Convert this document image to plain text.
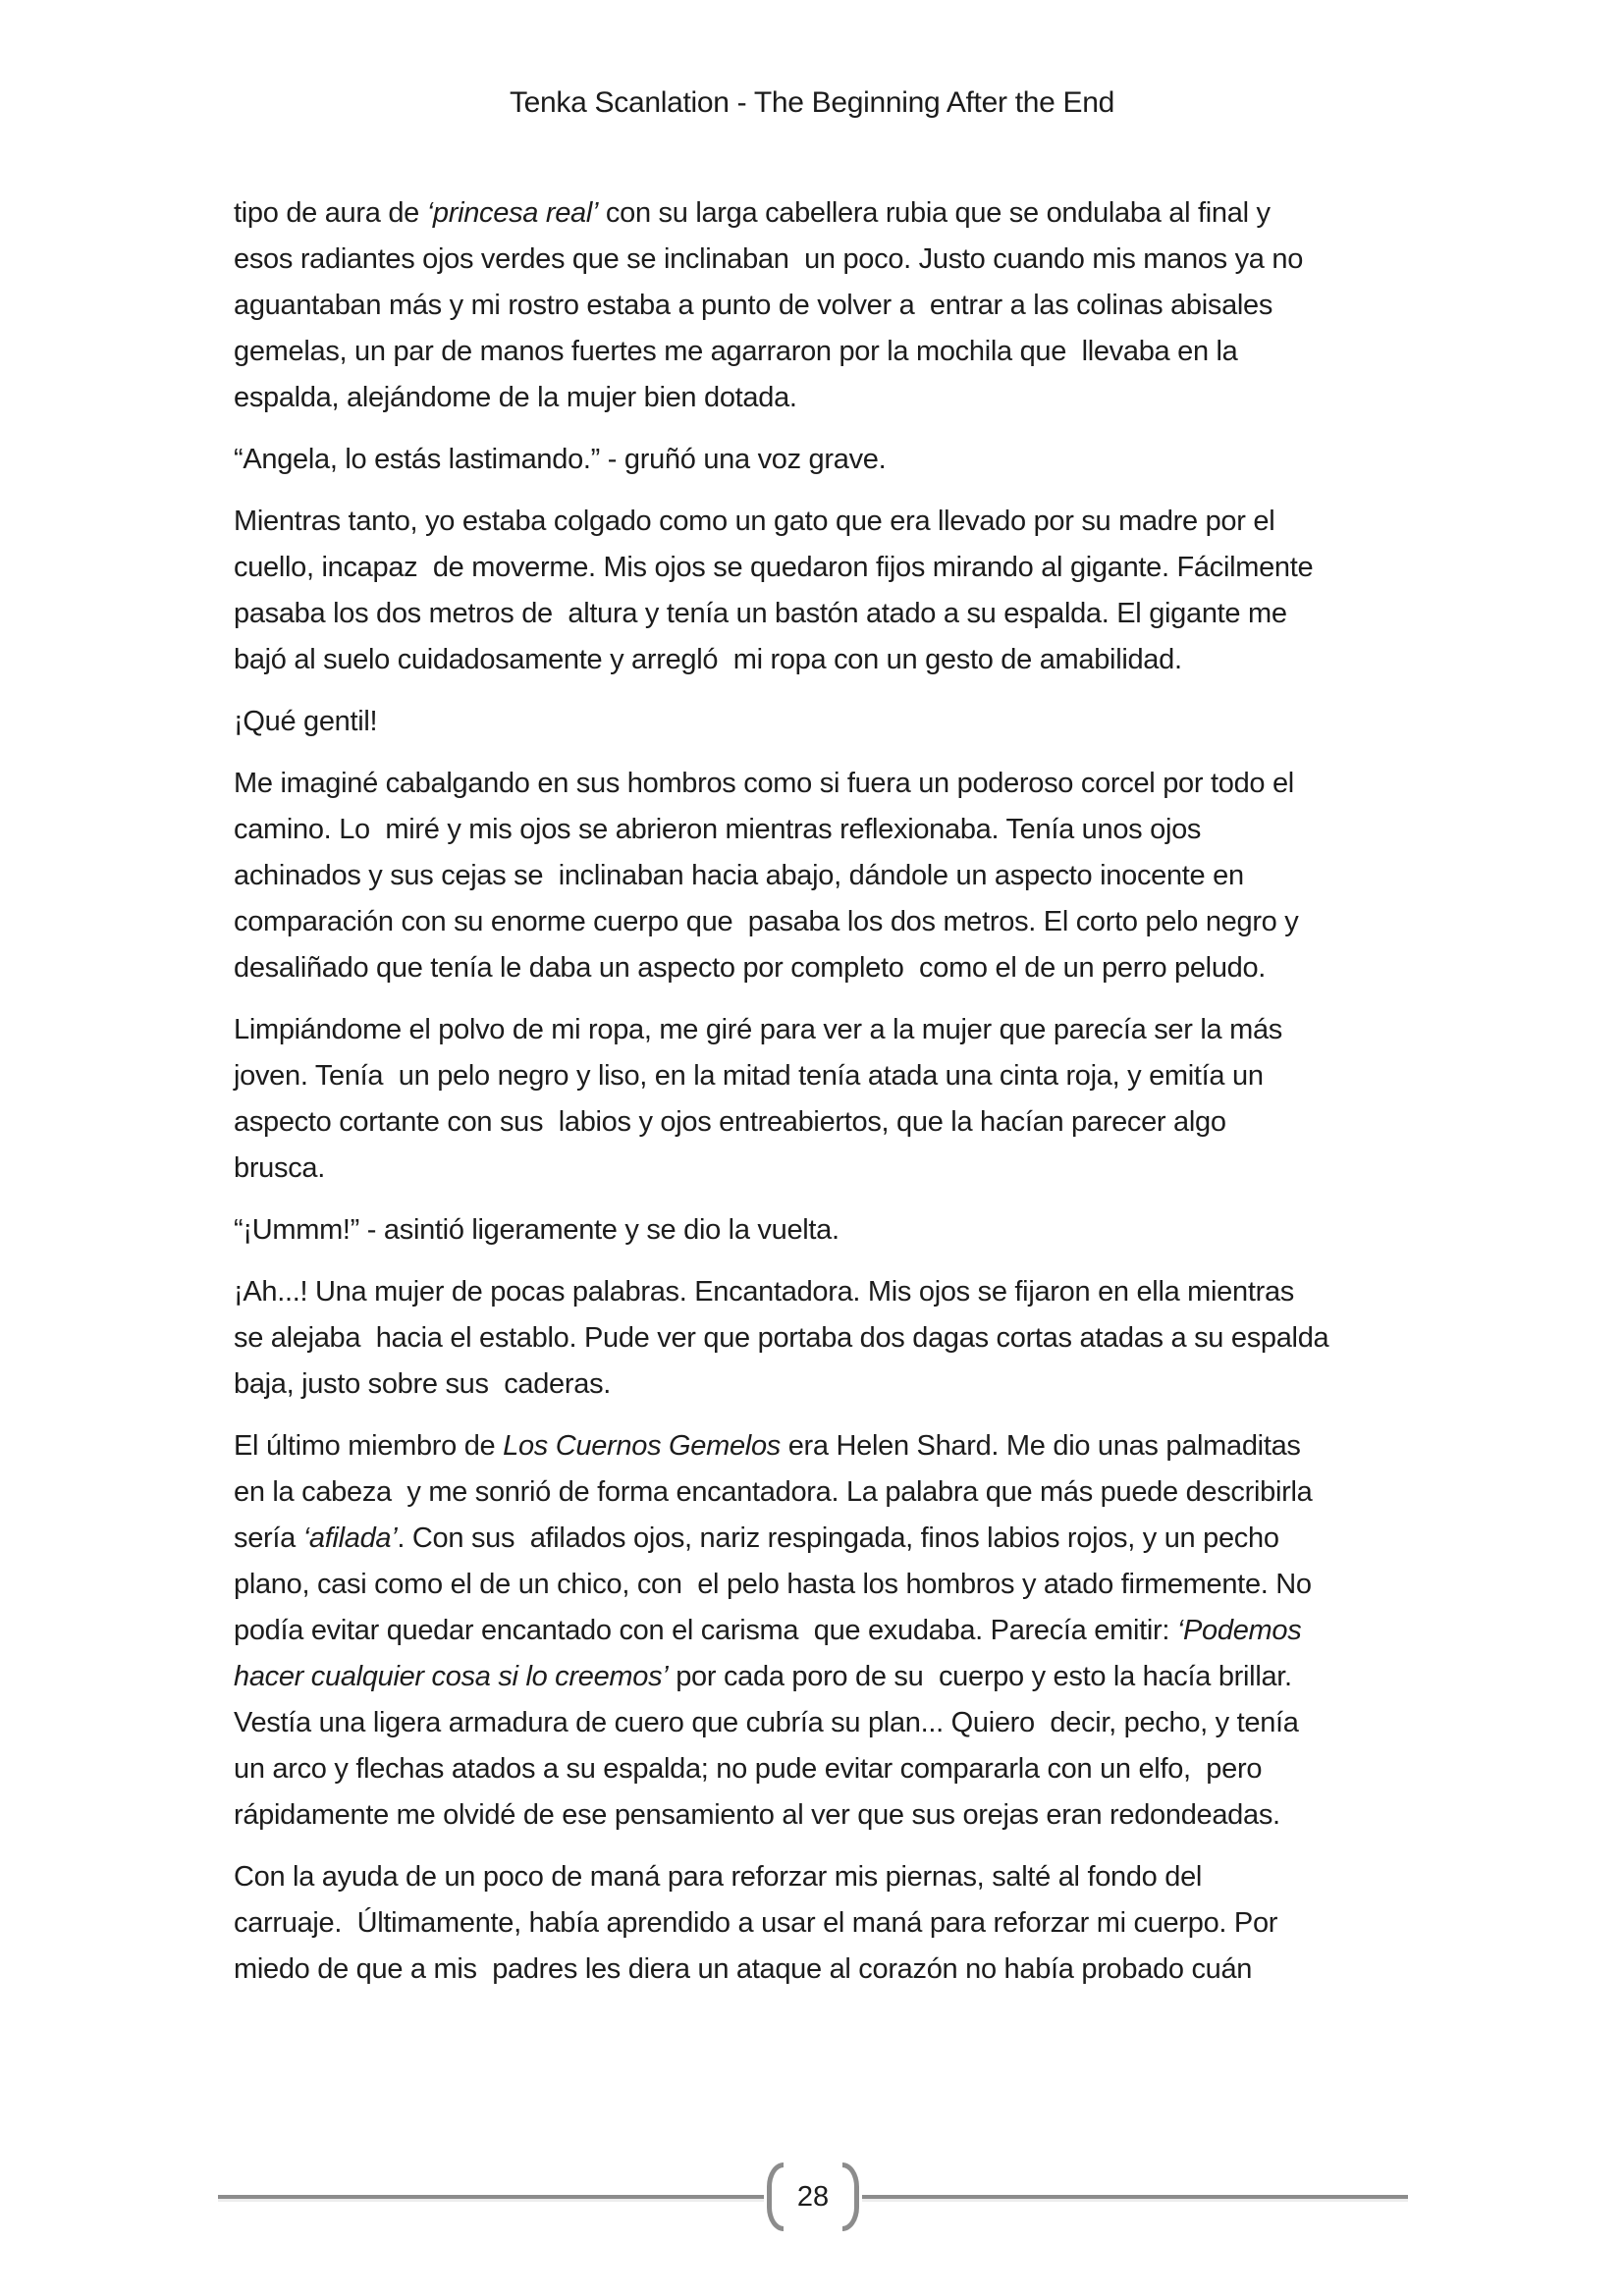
Tenka Scanlation - The Beginning After the End
tipo de aura de ‘princesa real’ con su larga cabellera rubia que se ondulaba al final y
esos radiantes ojos verdes que se inclinaban  un poco. Justo cuando mis manos ya no
aguantaban más y mi rostro estaba a punto de volver a  entrar a las colinas abisales
gemelas, un par de manos fuertes me agarraron por la mochila que  llevaba en la
espalda, alejándome de la mujer bien dotada.
“Angela, lo estás lastimando.” - gruñó una voz grave.
Mientras tanto, yo estaba colgado como un gato que era llevado por su madre por el
cuello, incapaz  de moverme. Mis ojos se quedaron fijos mirando al gigante. Fácilmente
pasaba los dos metros de  altura y tenía un bastón atado a su espalda. El gigante me
bajó al suelo cuidadosamente y arregló  mi ropa con un gesto de amabilidad.
¡Qué gentil!
Me imaginé cabalgando en sus hombros como si fuera un poderoso corcel por todo el
camino. Lo  miré y mis ojos se abrieron mientras reflexionaba. Tenía unos ojos
achinados y sus cejas se  inclinaban hacia abajo, dándole un aspecto inocente en
comparación con su enorme cuerpo que  pasaba los dos metros. El corto pelo negro y
desaliñado que tenía le daba un aspecto por completo  como el de un perro peludo.
Limpiándome el polvo de mi ropa, me giré para ver a la mujer que parecía ser la más
joven. Tenía  un pelo negro y liso, en la mitad tenía atada una cinta roja, y emitía un
aspecto cortante con sus  labios y ojos entreabiertos, que la hacían parecer algo
brusca.
“¡Ummm!” - asintió ligeramente y se dio la vuelta.
¡Ah...! Una mujer de pocas palabras. Encantadora. Mis ojos se fijaron en ella mientras
se alejaba  hacia el establo. Pude ver que portaba dos dagas cortas atadas a su espalda
baja, justo sobre sus  caderas.
El último miembro de Los Cuernos Gemelos era Helen Shard. Me dio unas palmaditas
en la cabeza  y me sonrió de forma encantadora. La palabra que más puede describirla
sería ‘afilada’. Con sus  afilados ojos, nariz respingada, finos labios rojos, y un pecho
plano, casi como el de un chico, con  el pelo hasta los hombros y atado firmemente. No
podía evitar quedar encantado con el carisma  que exudaba. Parecía emitir: ‘Podemos
hacer cualquier cosa si lo creemos’ por cada poro de su  cuerpo y esto la hacía brillar.
Vestía una ligera armadura de cuero que cubría su plan... Quiero  decir, pecho, y tenía
un arco y flechas atados a su espalda; no pude evitar compararla con un elfo,  pero
rápidamente me olvidé de ese pensamiento al ver que sus orejas eran redondeadas.
Con la ayuda de un poco de maná para reforzar mis piernas, salté al fondo del
carruaje.  Últimamente, había aprendido a usar el maná para reforzar mi cuerpo. Por
miedo de que a mis  padres les diera un ataque al corazón no había probado cuán
28
